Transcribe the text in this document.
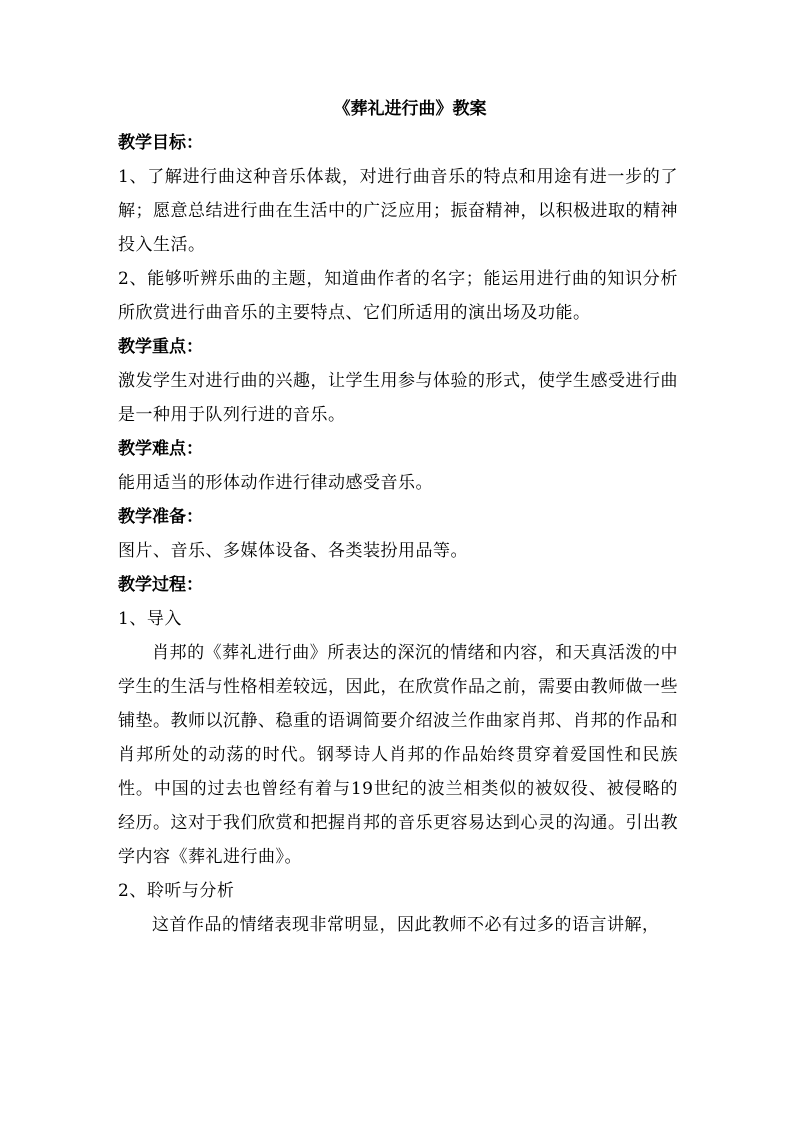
《葬礼进行曲》教案
教学目标：

1、了解进行曲这种音乐体裁，对进行曲音乐的特点和用途有进一步的了解；愿意总结进行曲在生活中的广泛应用；振奋精神，以积极进取的精神投入生活。

2、能够听辨乐曲的主题，知道曲作者的名字；能运用进行曲的知识分析所欣赏进行曲音乐的主要特点、它们所适用的演出场及功能。

教学重点：

激发学生对进行曲的兴趣，让学生用参与体验的形式，使学生感受进行曲是一种用于队列行进的音乐。

教学难点：

能用适当的形体动作进行律动感受音乐。

教学准备：

图片、音乐、多媒体设备、各类装扮用品等。

教学过程：

1、导入

肖邦的《葬礼进行曲》所表达的深沉的情绪和内容，和天真活泼的中学生的生活与性格相差较远，因此，在欣赏作品之前，需要由教师做一些铺垫。教师以沉静、稳重的语调简要介绍波兰作曲家肖邦、肖邦的作品和肖邦所处的动荡的时代。钢琴诗人肖邦的作品始终贯穿着爱国性和民族性。中国的过去也曾经有着与19世纪的波兰相类似的被奴役、被侵略的经历。这对于我们欣赏和把握肖邦的音乐更容易达到心灵的沟通。引出教学内容《葬礼进行曲》。

2、聆听与分析

这首作品的情绪表现非常明显，因此教师不必有过多的语言讲解，
